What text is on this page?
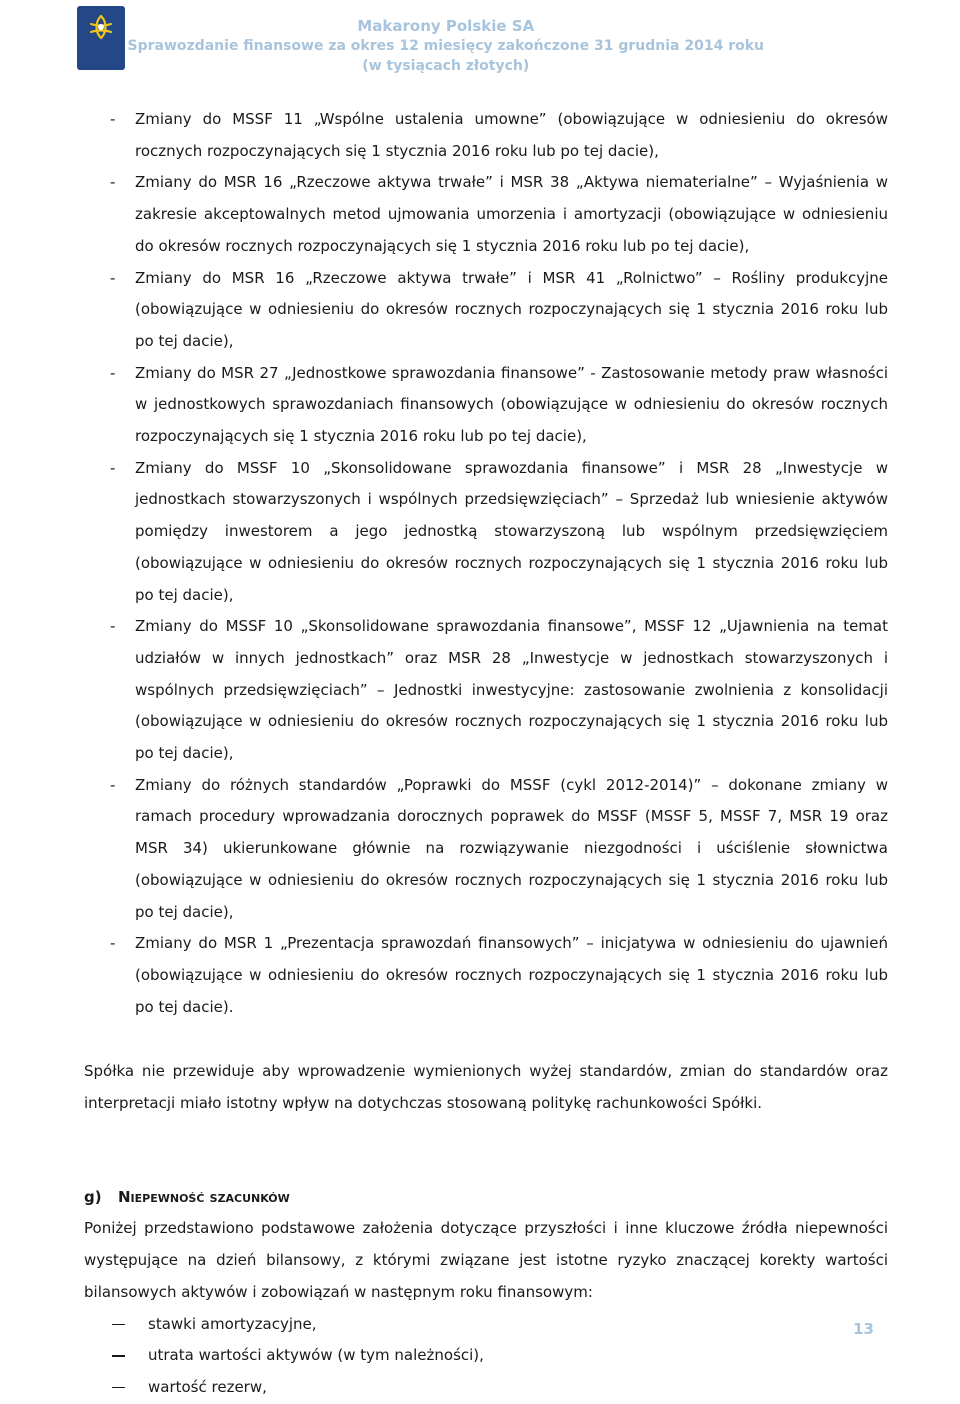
Makarony Polskie SA
Sprawozdanie finansowe za okres 12 miesięcy zakończone 31 grudnia 2014 roku
(w tysiącach złotych)
- Zmiany do MSSF 11 „Wspólne ustalenia umowne” (obowiązujące w odniesieniu do okresów rocznych rozpoczynających się 1 stycznia 2016 roku lub po tej dacie),
- Zmiany do MSR 16 „Rzeczowe aktywa trwałe” i MSR 38 „Aktywa niematerialne” – Wyjaśnienia w zakresie akceptowalnych metod ujmowania umorzenia i amortyzacji (obowiązujące w odniesieniu do okresów rocznych rozpoczynających się 1 stycznia 2016 roku lub po tej dacie),
- Zmiany do MSR 16 „Rzeczowe aktywa trwałe” i MSR 41 „Rolnictwo” – Rośliny produkcyjne (obowiązujące w odniesieniu do okresów rocznych rozpoczynających się 1 stycznia 2016 roku lub po tej dacie),
- Zmiany do MSR 27 „Jednostkowe sprawozdania finansowe” - Zastosowanie metody praw własności w jednostkowych sprawozdaniach finansowych (obowiązujące w odniesieniu do okresów rocznych rozpoczynających się 1 stycznia 2016 roku lub po tej dacie),
- Zmiany do MSSF 10 „Skonsolidowane sprawozdania finansowe” i MSR 28 „Inwestycje w jednostkach stowarzyszonych i wspólnych przedsięwzięciach” – Sprzedaż lub wniesienie aktywów pomiędzy inwestorem a jego jednostką stowarzyszoną lub wspólnym przedsięwzięciem (obowiązujące w odniesieniu do okresów rocznych rozpoczynających się 1 stycznia 2016 roku lub po tej dacie),
- Zmiany do MSSF 10 „Skonsolidowane sprawozdania finansowe”, MSSF 12 „Ujawnienia na temat udziałów w innych jednostkach” oraz MSR 28 „Inwestycje w jednostkach stowarzyszonych i wspólnych przedsięwzięciach” – Jednostki inwestycyjne: zastosowanie zwolnienia z konsolidacji (obowiązujące w odniesieniu do okresów rocznych rozpoczynających się 1 stycznia 2016 roku lub po tej dacie),
- Zmiany do różnych standardów „Poprawki do MSSF (cykl 2012-2014)” – dokonane zmiany w ramach procedury wprowadzania dorocznych poprawek do MSSF (MSSF 5, MSSF 7, MSR 19 oraz MSR 34) ukierunkowane głównie na rozwiązywanie niezgodności i uściślenie słownictwa (obowiązujące w odniesieniu do okresów rocznych rozpoczynających się 1 stycznia 2016 roku lub po tej dacie),
- Zmiany do MSR 1 „Prezentacja sprawozdań finansowych” – inicjatywa w odniesieniu do ujawnień (obowiązujące w odniesieniu do okresów rocznych rozpoczynających się 1 stycznia 2016 roku lub po tej dacie).

Spółka nie przewiduje aby wprowadzenie wymienionych wyżej standardów, zmian do standardów oraz interpretacji miało istotny wpływ na dotychczas stosowaną politykę rachunkowości Spółki.

g) Niepewność szacunków

Poniżej przedstawiono podstawowe założenia dotyczące przyszłości i inne kluczowe źródła niepewności występujące na dzień bilansowy, z którymi związane jest istotne ryzyko znaczącej korekty wartości bilansowych aktywów i zobowiązań w następnym roku finansowym:

stawki amortyzacyjne,
utrata wartości aktywów (w tym należności),
wartość rezerw,
13
